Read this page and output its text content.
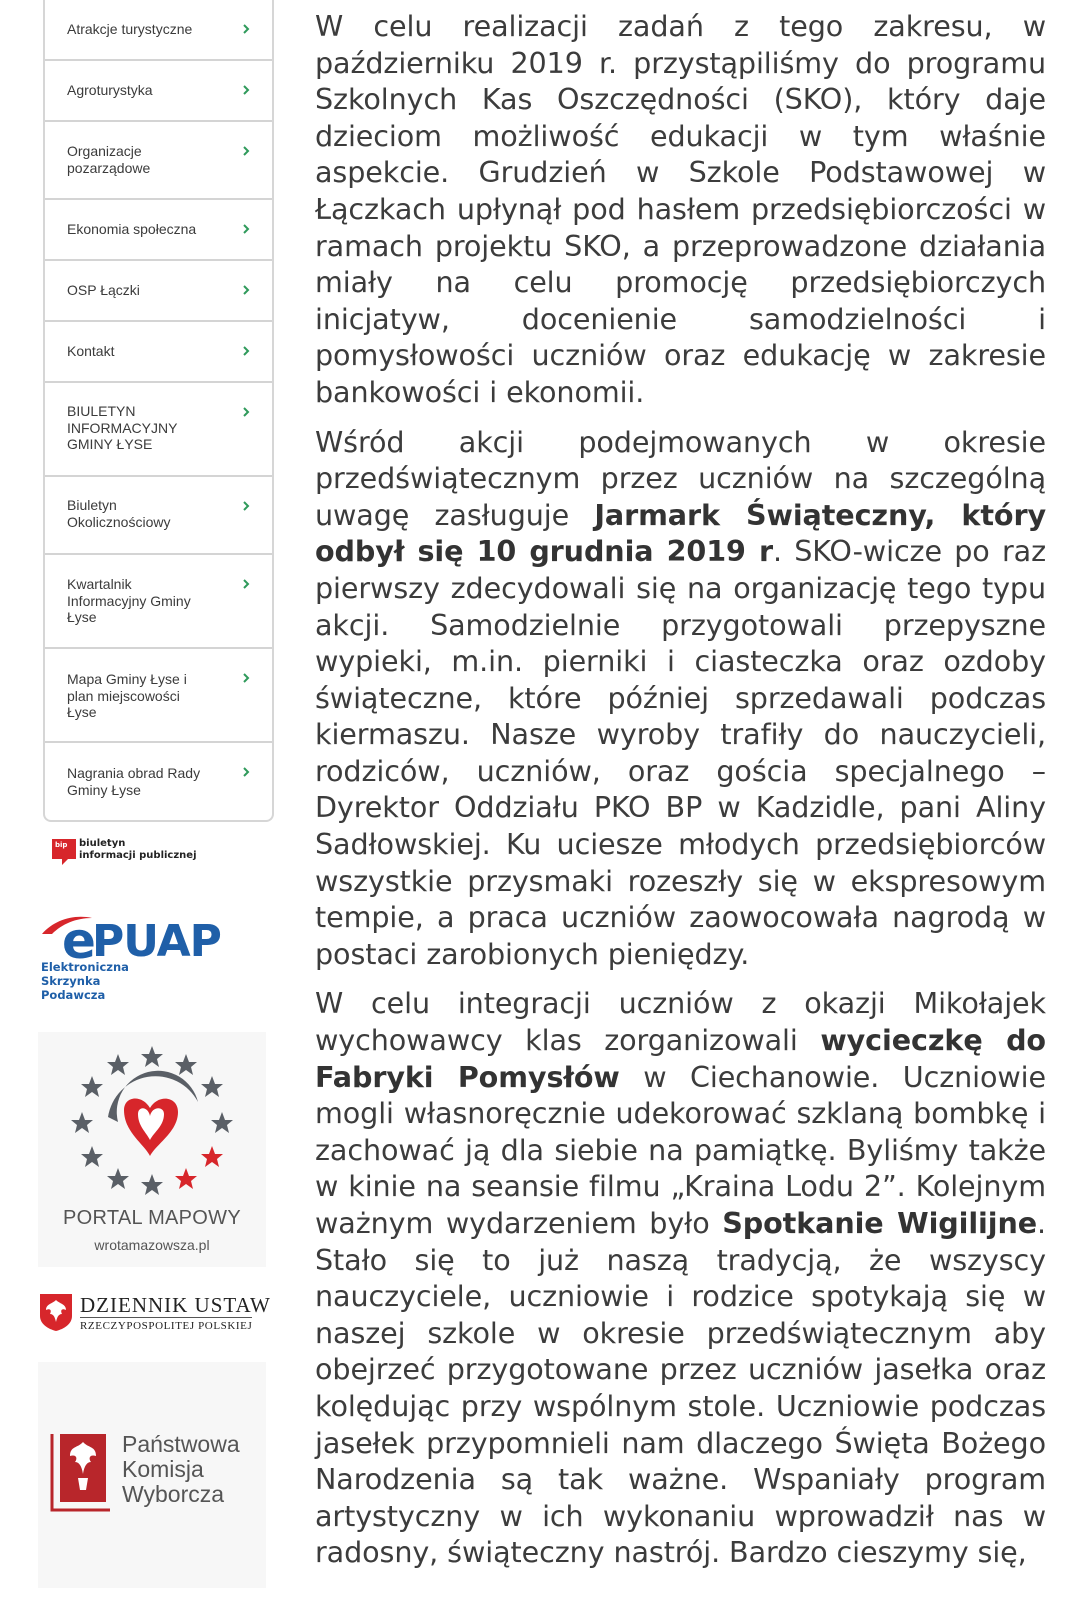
Atrakcje turystyczne
Agroturystyka
Organizacje pozarządowe
Ekonomia społeczna
OSP Łączki
Kontakt
BIULETYN INFORMACYJNY GMINY ŁYSE
Biuletyn Okolicznościowy
Kwartalnik Informacyjny Gminy Łyse
Mapa Gminy Łyse i plan miejscowości Łyse
Nagrania obrad Rady Gminy Łyse
bip biuletyn
informacji publicznej
e
PUAP
Elektroniczna
Skrzynka
Podawcza
PORTAL MAPOWY
wrotamazowsza.pl
DZIENNIK USTAW
RZECZYPOSPOLITEJ POLSKIEJ
Państwowa
Komisja
Wyborcza

W celu realizacji zadań z tego zakresu, w październiku 2019 r. przystąpiliśmy do programu Szkolnych Kas Oszczędności (SKO), który daje dzieciom możliwość edukacji w tym właśnie aspekcie. Grudzień w Szkole Podstawowej w Łączkach upłynął pod hasłem przedsiębiorczości w ramach projektu SKO, a przeprowadzone działania miały na celu promocję przedsiębiorczych inicjatyw, docenienie samodzielności i pomysłowości uczniów oraz edukację w zakresie bankowości i ekonomii.

Wśród akcji podejmowanych w okresie przedświątecznym przez uczniów na szczególną uwagę zasługuje Jarmark Świąteczny, który odbył się 10 grudnia 2019 r. SKO-wicze po raz pierwszy zdecydowali się na organizację tego typu akcji. Samodzielnie przygotowali przepyszne wypieki, m.in. pierniki i ciasteczka oraz ozdoby świąteczne, które później sprzedawali podczas kiermaszu. Nasze wyroby trafiły do nauczycieli, rodziców, uczniów, oraz gościa specjalnego – Dyrektor Oddziału PKO BP w Kadzidle, pani Aliny Sadłowskiej. Ku uciesze młodych przedsiębiorców wszystkie przysmaki rozeszły się w ekspresowym tempie, a praca uczniów zaowocowała nagrodą w postaci zarobionych pieniędzy.

W celu integracji uczniów z okazji Mikołajek wychowawcy klas zorganizowali wycieczkę do Fabryki Pomysłów w Ciechanowie. Uczniowie mogli własnoręcznie udekorować szklaną bombkę i zachować ją dla siebie na pamiątkę. Byliśmy także w kinie na seansie filmu „Kraina Lodu 2”. Kolejnym ważnym wydarzeniem było Spotkanie Wigilijne. Stało się to już naszą tradycją, że wszyscy nauczyciele, uczniowie i rodzice spotykają się w naszej szkole w okresie przedświątecznym aby obejrzeć przygotowane przez uczniów jasełka oraz kolędując przy wspólnym stole. Uczniowie podczas jasełek przypomnieli nam dlaczego Święta Bożego Narodzenia są tak ważne. Wspaniały program artystyczny w ich wykonaniu wprowadził nas w radosny, świąteczny nastrój. Bardzo cieszymy się,
